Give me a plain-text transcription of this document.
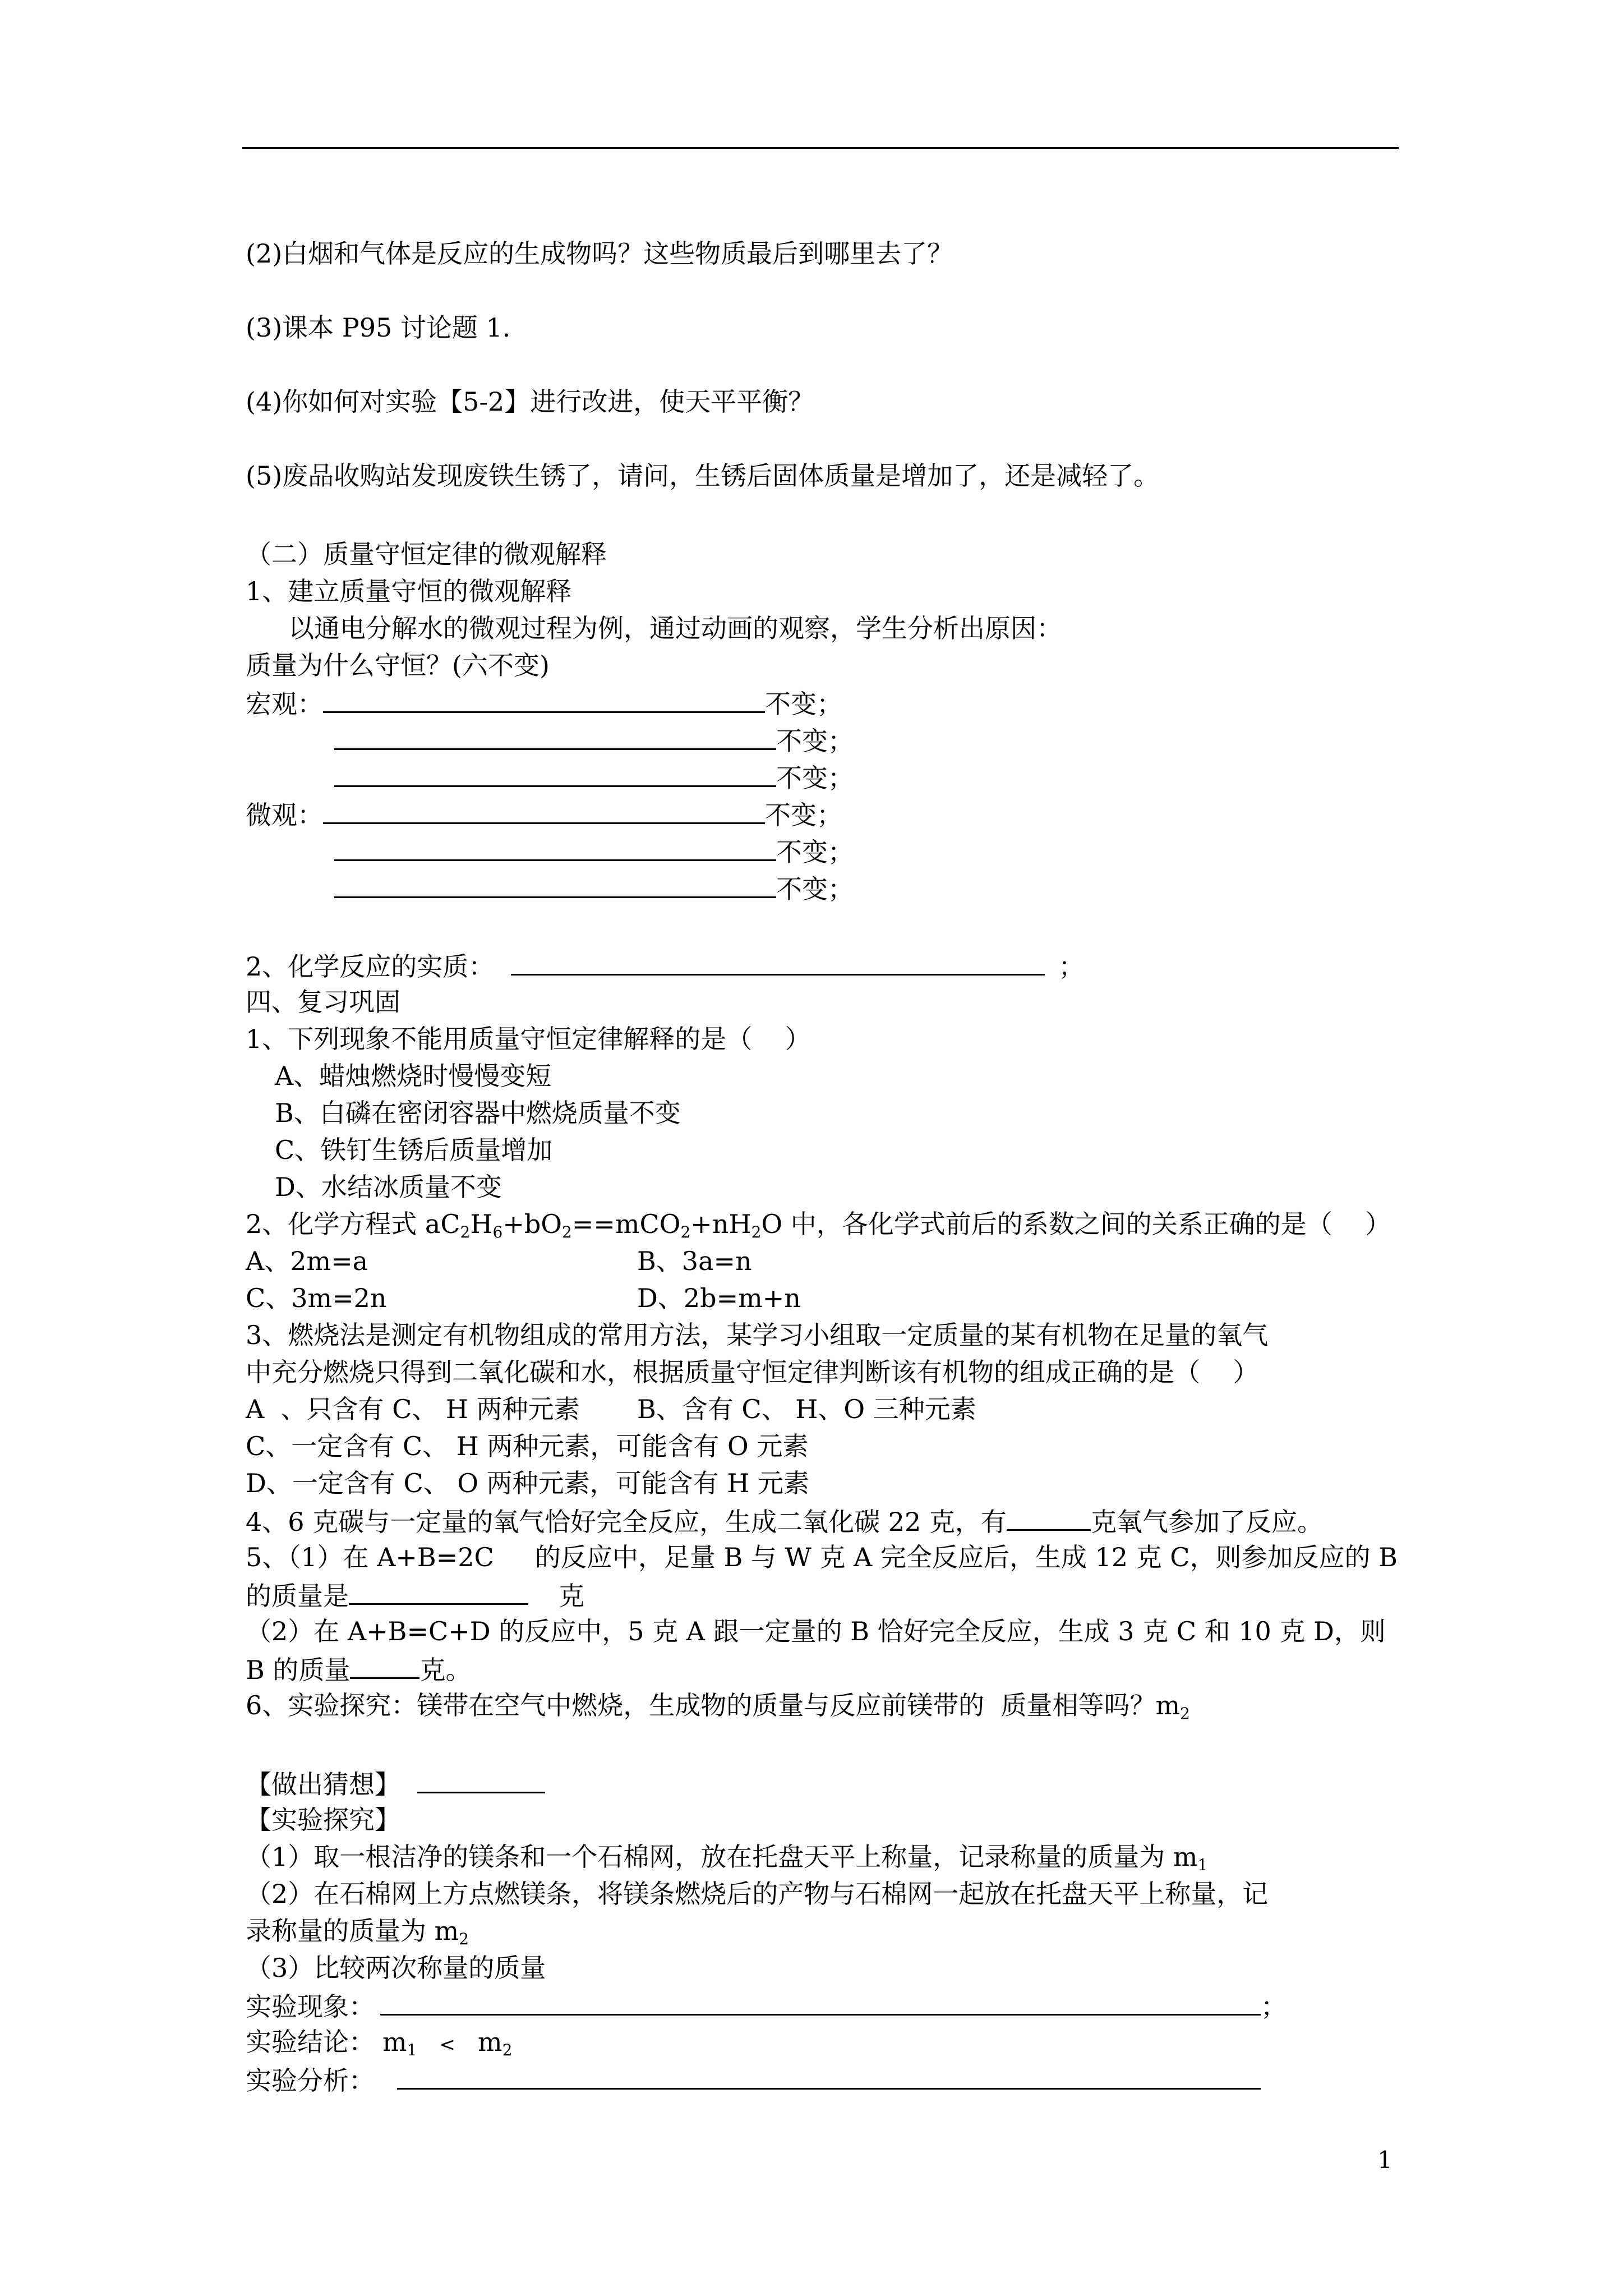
(2)白烟和气体是反应的生成物吗？这些物质最后到哪里去了？
(3)课本 P95 讨论题 1.
(4)你如何对实验【5-2】进行改进，使天平平衡？
(5)废品收购站发现废铁生锈了，请问，生锈后固体质量是增加了，还是减轻了。
（二）质量守恒定律的微观解释
1、建立质量守恒的微观解释
以通电分解水的微观过程为例，通过动画的观察，学生分析出原因：
质量为什么守恒？(六不变)
宏观：	不变；
不变；
不变；
微观：	不变；
不变；
不变；
2、化学反应的实质：	；
四、复习巩固
1、下列现象不能用质量守恒定律解释的是（    ）
A、蜡烛燃烧时慢慢变短
B、白磷在密闭容器中燃烧质量不变
C、铁钉生锈后质量增加
D、水结冰质量不变
2、化学方程式 $aC_2H_6+bO_2==mCO_2+nH_2O$ 中，各化学式前后的系数之间的关系正确的是（    ）
A、2m=a	B、3a=n
C、3m=2n	D、2b=m+n
3、燃烧法是测定有机物组成的常用方法，某学习小组取一定质量的某有机物在足量的氧气
中充分燃烧只得到二氧化碳和水，根据质量守恒定律判断该有机物的组成正确的是（    ）
A  、只含有 C、 H 两种元素 B、含有 C、 H、O 三种元素
C、一定含有 C、 H 两种元素，可能含有 O 元素
D、一定含有 C、 O 两种元素，可能含有 H 元素
4、6 克碳与一定量的氧气恰好完全反应，生成二氧化碳 22 克，有	克氧气参加了反应。
5、（1）在 A+B=2C     的反应中，足量 B 与 W 克 A 完全反应后，生成 12 克 C，则参加反应的 B
的质量是	克
（2）在 A+B=C+D 的反应中，5 克 A 跟一定量的 B 恰好完全反应，生成 3 克 C 和 10 克 D，则
B 的质量	克。
6、实验探究：镁带在空气中燃烧，生成物的质量与反应前镁带的  质量相等吗？$m_2$
【做出猜想】
【实验探究】
（1）取一根洁净的镁条和一个石棉网，放在托盘天平上称量，记录称量的质量为 $m_1$
（2）在石棉网上方点燃镁条，将镁条燃烧后的产物与石棉网一起放在托盘天平上称量，记
录称量的质量为 $m_2$
（3）比较两次称量的质量
实验现象：	；
实验结论： $m_1 < m_2$
实验分析：
1
